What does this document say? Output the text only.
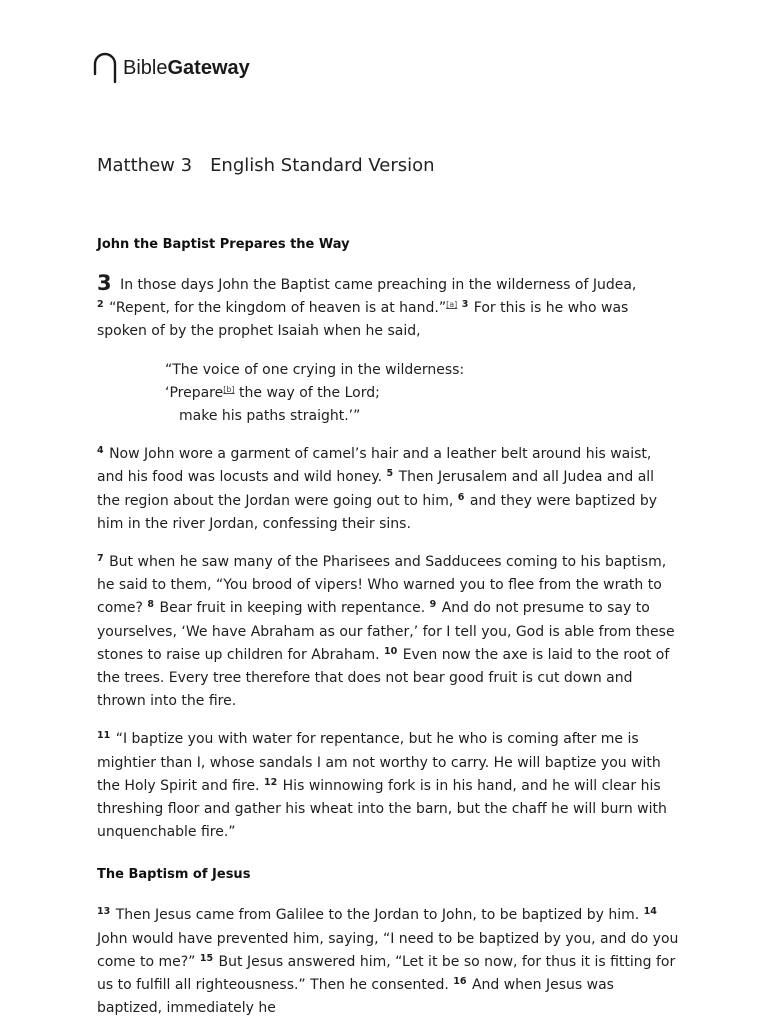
BibleGateway
Matthew 3 English Standard Version
John the Baptist Prepares the Way

3 In those days John the Baptist came preaching in the wilderness of Judea,
$^2$ “Repent, for the kingdom of heaven is at hand.”[a] $^3$ For this is he who was spoken of by the prophet Isaiah when he said,

“The voice of one crying in the wilderness:
‘Prepare[b] the way of the Lord;
make his paths straight.’”

$^4$ Now John wore a garment of camel’s hair and a leather belt around his waist, and his food was locusts and wild honey. $^5$ Then Jerusalem and all Judea and all the region about the Jordan were going out to him, $^6$ and they were baptized by him in the river Jordan, confessing their sins.

$^7$ But when he saw many of the Pharisees and Sadducees coming to his baptism, he said to them, “You brood of vipers! Who warned you to flee from the wrath to come? $^8$ Bear fruit in keeping with repentance. $^9$ And do not presume to say to yourselves, ‘We have Abraham as our father,’ for I tell you, God is able from these stones to raise up children for Abraham. $^{10}$ Even now the axe is laid to the root of the trees. Every tree therefore that does not bear good fruit is cut down and thrown into the fire.

$^{11}$ “I baptize you with water for repentance, but he who is coming after me is mightier than I, whose sandals I am not worthy to carry. He will baptize you with the Holy Spirit and fire. $^{12}$ His winnowing fork is in his hand, and he will clear his threshing floor and gather his wheat into the barn, but the chaff he will burn with unquenchable fire.”

The Baptism of Jesus

$^{13}$ Then Jesus came from Galilee to the Jordan to John, to be baptized by him. $^{14}$ John would have prevented him, saying, “I need to be baptized by you, and do you come to me?” $^{15}$ But Jesus answered him, “Let it be so now, for thus it is fitting for us to fulfill all righteousness.” Then he consented. $^{16}$ And when Jesus was baptized, immediately he
